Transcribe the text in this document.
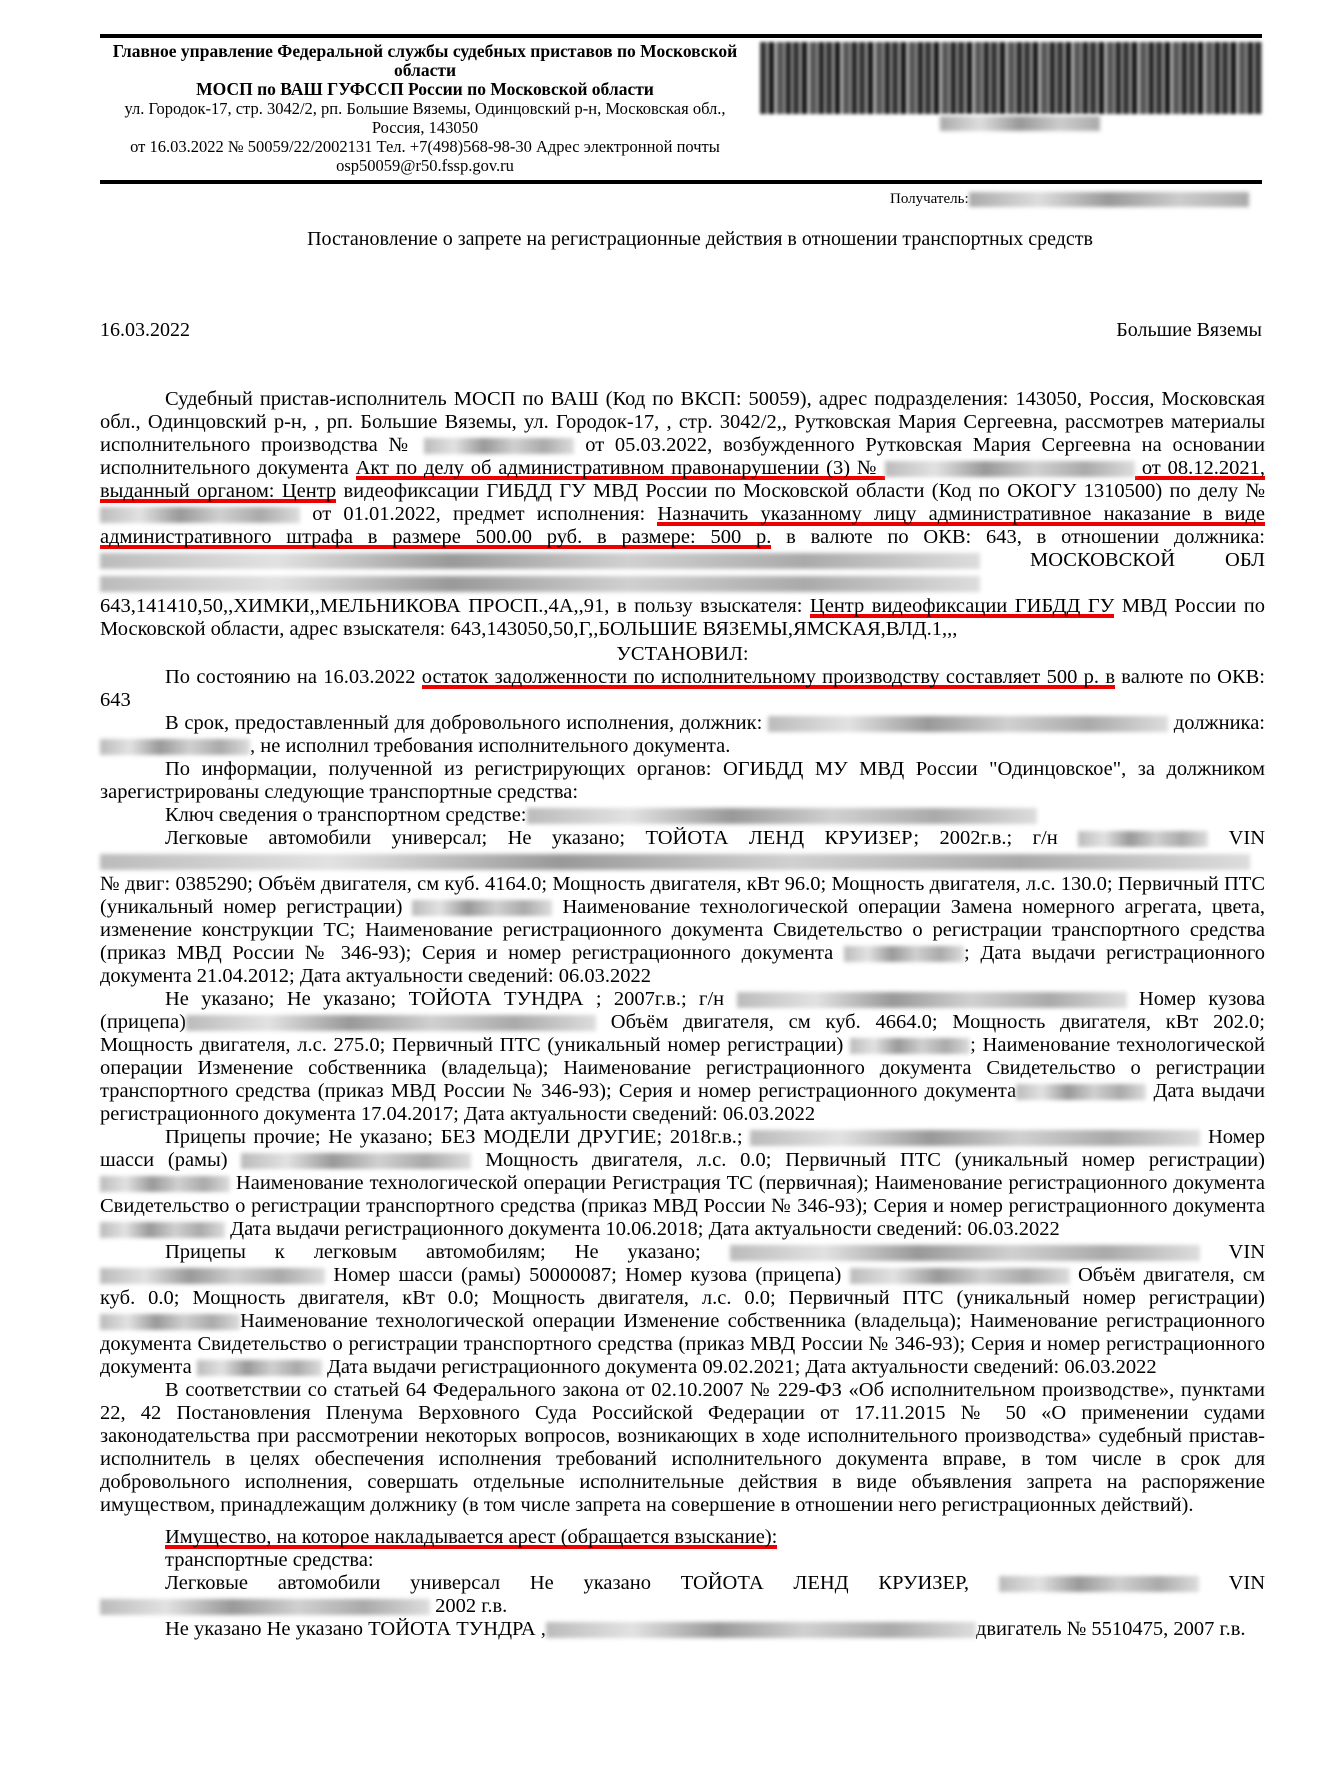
Главное управление Федеральной службы судебных приставов по Московской области
МОСП по ВАШ ГУФССП России по Московской области
ул. Городок-17, стр. 3042/2, рп. Большие Вяземы, Одинцовский р-н, Московская обл., Россия, 143050
от 16.03.2022 № 50059/22/2002131 Тел. +7(498)568-98-30 Адрес электронной почты osp50059@r50.fssp.gov.ru
Получатель:
Постановление о запрете на регистрационные действия в отношении транспортных средств
16.03.2022	Большие Вяземы

Судебный пристав-исполнитель МОСП по ВАШ (Код по ВКСП: 50059), адрес подразделения: 143050, Россия, Московская обл., Одинцовский р-н, , рп. Большие Вяземы, ул. Городок-17, , стр. 3042/2,, Рутковская Мария Сергеевна, рассмотрев материалы исполнительного производства №	от 05.03.2022, возбужденного Рутковская Мария Сергеевна на основании исполнительного документа Акт по делу об административном правонарушении (3) №	от 08.12.2021, выданный органом: Центр видеофиксации ГИБДД ГУ МВД России по Московской области (Код по ОКОГУ 1310500) по делу №  от 01.01.2022, предмет исполнения: Назначить указанному лицу административное наказание в виде административного штрафа в размере 500.00 руб. в размере: 500 р. в валюте по ОКВ: 643, в отношении должника:  МОСКОВСКОЙ ОБЛ 643,141410,50,,ХИМКИ,,МЕЛЬНИКОВА ПРОСП.,4А,,91, в пользу взыскателя: Центр видеофиксации ГИБДД ГУ МВД России по Московской области, адрес взыскателя: 643,143050,50,Г,,БОЛЬШИЕ ВЯЗЕМЫ,ЯМСКАЯ,ВЛД.1,,,

УСТАНОВИЛ:

По состоянию на 16.03.2022 остаток задолженности по исполнительному производству составляет 500 р. в валюте по ОКВ: 643

В срок, предоставленный для добровольного исполнения, должник:	должника:, не исполнил требования исполнительного документа.

По информации, полученной из регистрирующих органов: ОГИБДД МУ МВД России "Одинцовское", за должником зарегистрированы следующие транспортные средства:

Ключ сведения о транспортном средстве:

Легковые автомобили универсал; Не указано; ТОЙОТА ЛЕНД КРУИЗЕР; 2002г.в.; г/н	VIN  № двиг: 0385290; Объём двигателя, см куб. 4164.0; Мощность двигателя, кВт 96.0; Мощность двигателя, л.с. 130.0; Первичный ПТС (уникальный номер регистрации)	Наименование технологической операции Замена номерного агрегата, цвета, изменение конструкции ТС; Наименование регистрационного документа Свидетельство о регистрации транспортного средства (приказ МВД России № 346-93); Серия и номер регистрационного документа	; Дата выдачи регистрационного документа 21.04.2012; Дата актуальности сведений: 06.03.2022

Не указано; Не указано; ТОЙОТА ТУНДРА ; 2007г.в.; г/н	Номер кузова (прицепа)	Объём двигателя, см куб. 4664.0; Мощность двигателя, кВт 202.0; Мощность двигателя, л.с. 275.0; Первичный ПТС (уникальный номер регистрации)	; Наименование технологической операции Изменение собственника (владельца); Наименование регистрационного документа Свидетельство о регистрации транспортного средства (приказ МВД России № 346-93); Серия и номер регистрационного документа	Дата выдачи регистрационного документа 17.04.2017; Дата актуальности сведений: 06.03.2022

Прицепы прочие; Не указано; БЕЗ МОДЕЛИ ДРУГИЕ; 2018г.в.;	Номер шасси (рамы)	Мощность двигателя, л.с. 0.0; Первичный ПТС (уникальный номер регистрации)  Наименование технологической операции Регистрация ТС (первичная); Наименование регистрационного документа Свидетельство о регистрации транспортного средства (приказ МВД России № 346-93); Серия и номер регистрационного документа Дата выдачи регистрационного документа 10.06.2018; Дата актуальности сведений: 06.03.2022

Прицепы к легковым автомобилям; Не указано;	VIN  Номер шасси (рамы) 50000087; Номер кузова (прицепа)	Объём двигателя, см куб. 0.0; Мощность двигателя, кВт 0.0; Мощность двигателя, л.с. 0.0; Первичный ПТС (уникальный номер регистрации) Наименование технологической операции Изменение собственника (владельца); Наименование регистрационного документа Свидетельство о регистрации транспортного средства (приказ МВД России № 346-93); Серия и номер регистрационного документа	Дата выдачи регистрационного документа 09.02.2021; Дата актуальности сведений: 06.03.2022

В соответствии со статьей 64 Федерального закона от 02.10.2007 № 229-ФЗ «Об исполнительном производстве», пунктами 22, 42 Постановления Пленума Верховного Суда Российской Федерации от 17.11.2015 № 50 «О применении судами законодательства при рассмотрении некоторых вопросов, возникающих в ходе исполнительного производства» судебный пристав-исполнитель в целях обеспечения исполнения требований исполнительного документа вправе, в том числе в срок для добровольного исполнения, совершать отдельные исполнительные действия в виде объявления запрета на распоряжение имуществом, принадлежащим должнику (в том числе запрета на совершение в отношении него регистрационных действий).

Имущество, на которое накладывается арест (обращается взыскание):

транспортные средства:

Легковые автомобили универсал Не указано ТОЙОТА ЛЕНД КРУИЗЕР,	VIN  2002 г.в.

Не указано Не указано ТОЙОТА ТУНДРА ,	двигатель № 5510475, 2007 г.в.
